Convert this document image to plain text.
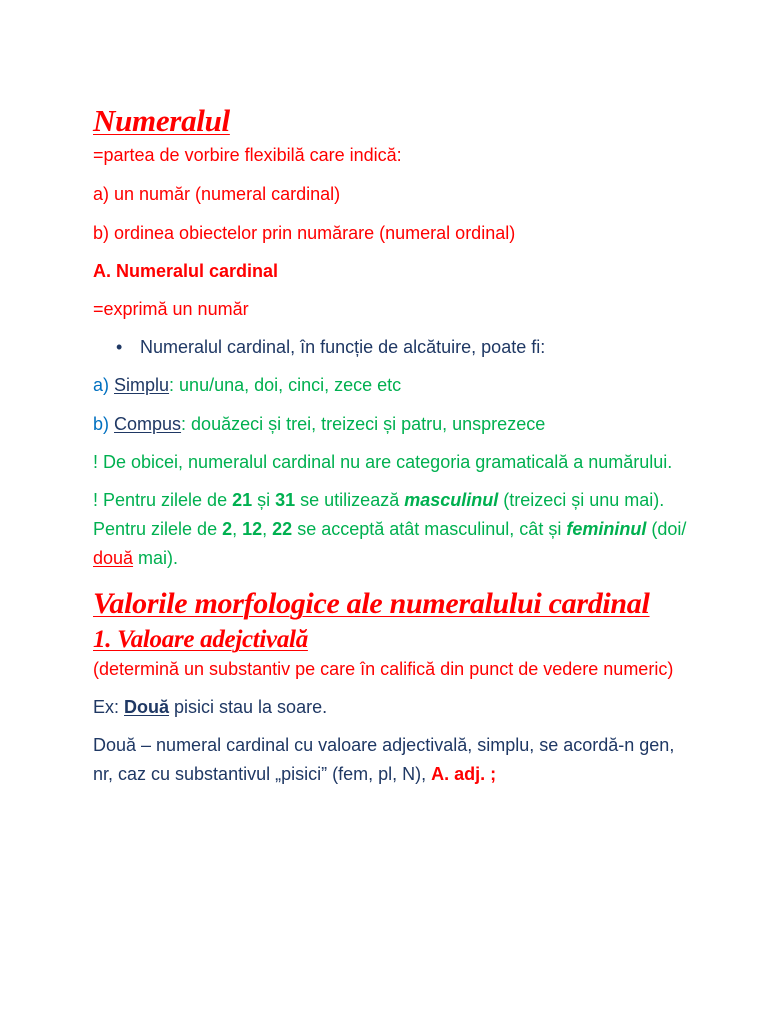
Numeralul

=partea de vorbire flexibilă care indică:

a) un număr (numeral cardinal)

b) ordinea obiectelor prin numărare (numeral ordinal)

A. Numeralul cardinal

=exprimă un număr

• Numeralul cardinal, în funcție de alcătuire, poate fi:

a) Simplu: unu/una, doi, cinci, zece etc

b) Compus: douăzeci și trei, treizeci și patru, unsprezece

! De obicei, numeralul cardinal nu are categoria gramaticală a numărului.

! Pentru zilele de 21 și 31 se utilizează masculinul (treizeci și unu mai). Pentru zilele de 2, 12, 22 se acceptă atât masculinul, cât și femininul (doi/ două mai).

Valorile morfologice ale numeralului cardinal
1. Valoare adejctivală

(determină un substantiv pe care în califică din punct de vedere numeric)

Ex: Două pisici stau la soare.

Două – numeral cardinal cu valoare adjectivală, simplu, se acordă-n gen, nr, caz cu substantivul „pisici” (fem, pl, N), A. adj. ;
